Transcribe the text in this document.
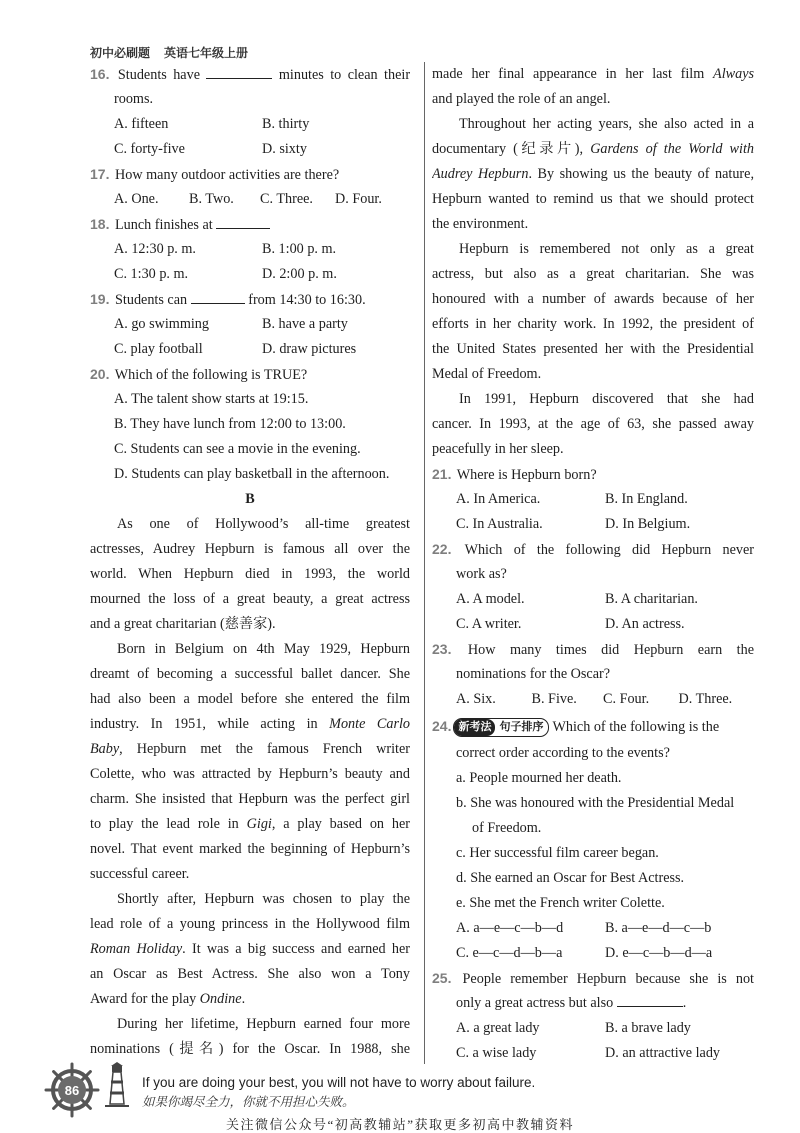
初中必刷题 英语七年级上册
16. Students have	minutes to clean their
rooms.
A. fifteen	B. thirty
C. forty-five	D. sixty
17. How many outdoor activities are there?
A. One.	B. Two.	C. Three.	D. Four.
18. Lunch finishes at
A. 12:30 p. m.	B. 1:00 p. m.
C. 1:30 p. m.	D. 2:00 p. m.
19. Students can	from 14:30 to 16:30.
A. go swimming	B. have a party
C. play football	D. draw pictures
20. Which of the following is TRUE?
A. The talent show starts at 19:15.
B. They have lunch from 12:00 to 13:00.
C. Students can see a movie in the evening.
D. Students can play basketball in the afternoon.
B
As one of Hollywood’s all-time greatest
actresses, Audrey Hepburn is famous all over the
world. When Hepburn died in 1993, the world
mourned the loss of a great beauty, a great actress
and a great charitarian (慈善家).
Born in Belgium on 4th May 1929, Hepburn
dreamt of becoming a successful ballet dancer. She
had also been a model before she entered the film
industry. In 1951, while acting in Monte Carlo
Baby, Hepburn met the famous French writer
Colette, who was attracted by Hepburn’s beauty and
charm. She insisted that Hepburn was the perfect girl
to play the lead role in Gigi, a play based on her
novel. That event marked the beginning of Hepburn’s
successful career.
Shortly after, Hepburn was chosen to play the
lead role of a young princess in the Hollywood film
Roman Holiday. It was a big success and earned her
an Oscar as Best Actress. She also won a Tony
Award for the play Ondine.
During her lifetime, Hepburn earned four more
nominations (提名) for the Oscar. In 1988, she
made her final appearance in her last film Always
and played the role of an angel.
Throughout her acting years, she also acted in a
documentary (纪录片), Gardens of the World with
Audrey Hepburn. By showing us the beauty of nature,
Hepburn wanted to remind us that we should protect
the environment.
Hepburn is remembered not only as a great
actress, but also as a great charitarian. She was
honoured with a number of awards because of her
efforts in her charity work. In 1992, the president of
the United States presented her with the Presidential
Medal of Freedom.
In 1991, Hepburn discovered that she had
cancer. In 1993, at the age of 63, she passed away
peacefully in her sleep.
21. Where is Hepburn born?
A. In America.	B. In England.
C. In Australia.	D. In Belgium.
22. Which of the following did Hepburn never
work as?
A. A model.	B. A charitarian.
C. A writer.	D. An actress.
23. How many times did Hepburn earn the
nominations for the Oscar?
A. Six.	B. Five.	C. Four.	D. Three.
24. 新考法 句子排序 Which of the following is the
correct order according to the events?
a. People mourned her death.
b. She was honoured with the Presidential Medal
of Freedom.
c. Her successful film career began.
d. She earned an Oscar for Best Actress.
e. She met the French writer Colette.
A. a—e—c—b—d	B. a—e—d—c—b
C. e—c—d—b—a	D. e—c—b—d—a
25. People remember Hepburn because she is not
only a great actress but also	.
A. a great lady	B. a brave lady
C. a wise lady	D. an attractive lady
86
If you are doing your best, you will not have to worry about failure.
如果你竭尽全力，你就不用担心失败。
关注微信公众号“初高教辅站”获取更多初高中教辅资料
